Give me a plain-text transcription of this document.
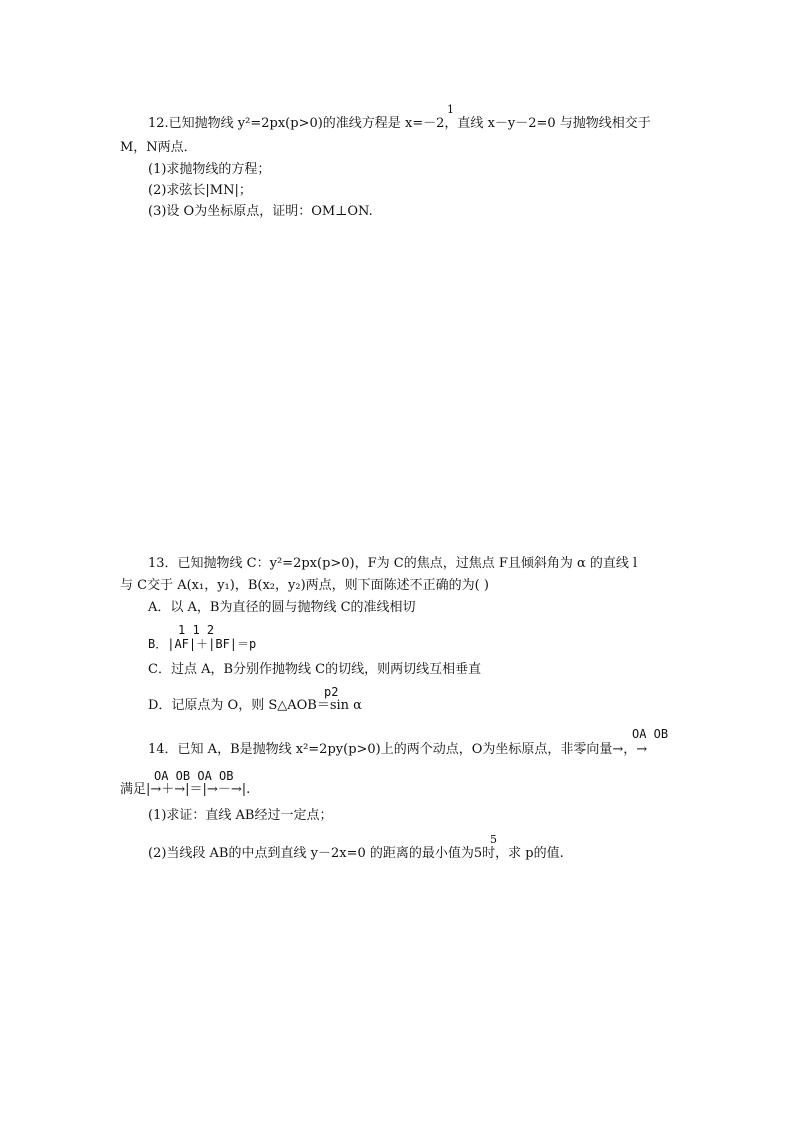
1
12.已知抛物线 y²=2px(p>0)的准线方程是 x=－2，直线 x－y－2=0 与抛物线相交于
M，N两点．
(1)求抛物线的方程；
(2)求弦长|MN|；
(3)设 O为坐标原点，证明：OM⊥ON.
13．已知抛物线 C：y²=2px(p>0)，F为 C的焦点，过焦点 F且倾斜角为 α 的直线 l
与 C交于 A(x₁，y₁)，B(x₂，y₂)两点，则下面陈述不正确的为( )
A．以 A，B为直径的圆与抛物线 C的准线相切
1 1 2
B．|AF|＋|BF|＝p
C．过点 A，B分别作抛物线 C的切线，则两切线互相垂直
p2
D．记原点为 O，则 S△AOB＝sin α
OA OB
14．已知 A，B是抛物线 x²=2py(p>0)上的两个动点，O为坐标原点，非零向量→，→
OA OB OA OB
满足|→＋→|＝|→－→|.
(1)求证：直线 AB经过一定点；
5
(2)当线段 AB的中点到直线 y－2x=0 的距离的最小值为5时，求 p的值.
